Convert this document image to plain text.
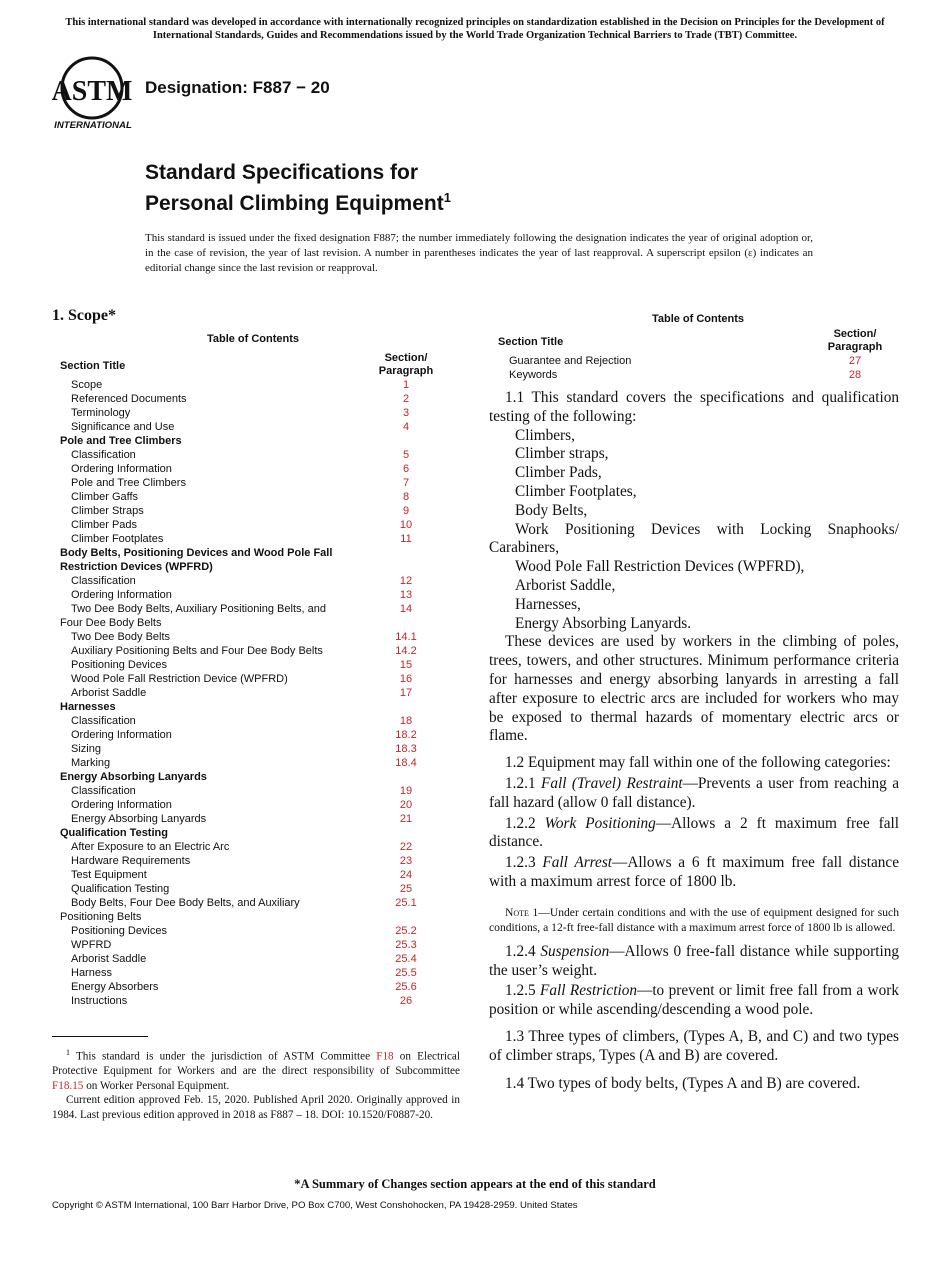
This international standard was developed in accordance with internationally recognized principles on standardization established in the Decision on Principles for the Development of International Standards, Guides and Recommendations issued by the World Trade Organization Technical Barriers to Trade (TBT) Committee.
ASTM
INTERNATIONAL
Designation: F887 − 20
Standard Specifications for
Personal Climbing Equipment$^1$
This standard is issued under the fixed designation F887; the number immediately following the designation indicates the year of original adoption or, in the case of revision, the year of last revision. A number in parentheses indicates the year of last reapproval. A superscript epsilon (ε) indicates an editorial change since the last revision or reapproval.
1. Scope*
Table of Contents
Section Title
Section/
Paragraph
Scope	1
Referenced Documents	2
Terminology	3
Significance and Use	4
Pole and Tree Climbers
Classification	5
Ordering Information	6
Pole and Tree Climbers	7
Climber Gaffs	8
Climber Straps	9
Climber Pads	10
Climber Footplates	11
Body Belts, Positioning Devices and Wood Pole Fall
Restriction Devices (WPFRD)
Classification	12
Ordering Information	13
Two Dee Body Belts, Auxiliary Positioning Belts, and	14
Four Dee Body Belts
Two Dee Body Belts	14.1
Auxiliary Positioning Belts and Four Dee Body Belts	14.2
Positioning Devices	15
Wood Pole Fall Restriction Device (WPFRD)	16
Arborist Saddle	17
Harnesses
Classification	18
Ordering Information	18.2
Sizing	18.3
Marking	18.4
Energy Absorbing Lanyards
Classification	19
Ordering Information	20
Energy Absorbing Lanyards	21
Qualification Testing
After Exposure to an Electric Arc	22
Hardware Requirements	23
Test Equipment	24
Qualification Testing	25
Body Belts, Four Dee Body Belts, and Auxiliary	25.1
Positioning Belts
Positioning Devices	25.2
WPFRD	25.3
Arborist Saddle	25.4
Harness	25.5
Energy Absorbers	25.6
Instructions	26
Table of Contents
Section Title
Section/
Paragraph
Guarantee and Rejection	27
Keywords	28

1.1 This standard covers the specifications and qualification testing of the following:

Climbers,

Climber straps,

Climber Pads,

Climber Footplates,

Body Belts,

Work Positioning Devices with Locking Snaphooks/

Carabiners,

Wood Pole Fall Restriction Devices (WPFRD),

Arborist Saddle,

Harnesses,

Energy Absorbing Lanyards.

These devices are used by workers in the climbing of poles, trees, towers, and other structures. Minimum performance criteria for harnesses and energy absorbing lanyards in arresting a fall after exposure to electric arcs are included for workers who may be exposed to thermal hazards of momentary electric arcs or flame.

1.2 Equipment may fall within one of the following categories:

1.2.1 Fall (Travel) Restraint—Prevents a user from reaching a fall hazard (allow 0 fall distance).

1.2.2 Work Positioning—Allows a 2 ft maximum free fall distance.

1.2.3 Fall Arrest—Allows a 6 ft maximum free fall distance with a maximum arrest force of 1800 lb.

Note 1—Under certain conditions and with the use of equipment designed for such conditions, a 12-ft free-fall distance with a maximum arrest force of 1800 lb is allowed.

1.2.4 Suspension—Allows 0 free-fall distance while supporting the user’s weight.

1.2.5 Fall Restriction—to prevent or limit free fall from a work position or while ascending/descending a wood pole.

1.3 Three types of climbers, (Types A, B, and C) and two types of climber straps, Types (A and B) are covered.

1.4 Two types of body belts, (Types A and B) are covered.

$^1$ This standard is under the jurisdiction of ASTM Committee F18 on Electrical Protective Equipment for Workers and are the direct responsibility of Subcommittee F18.15 on Worker Personal Equipment.

Current edition approved Feb. 15, 2020. Published April 2020. Originally approved in 1984. Last previous edition approved in 2018 as F887 – 18. DOI: 10.1520/F0887-20.

*A Summary of Changes section appears at the end of this standard
Copyright © ASTM International, 100 Barr Harbor Drive, PO Box C700, West Conshohocken, PA 19428-2959. United States
